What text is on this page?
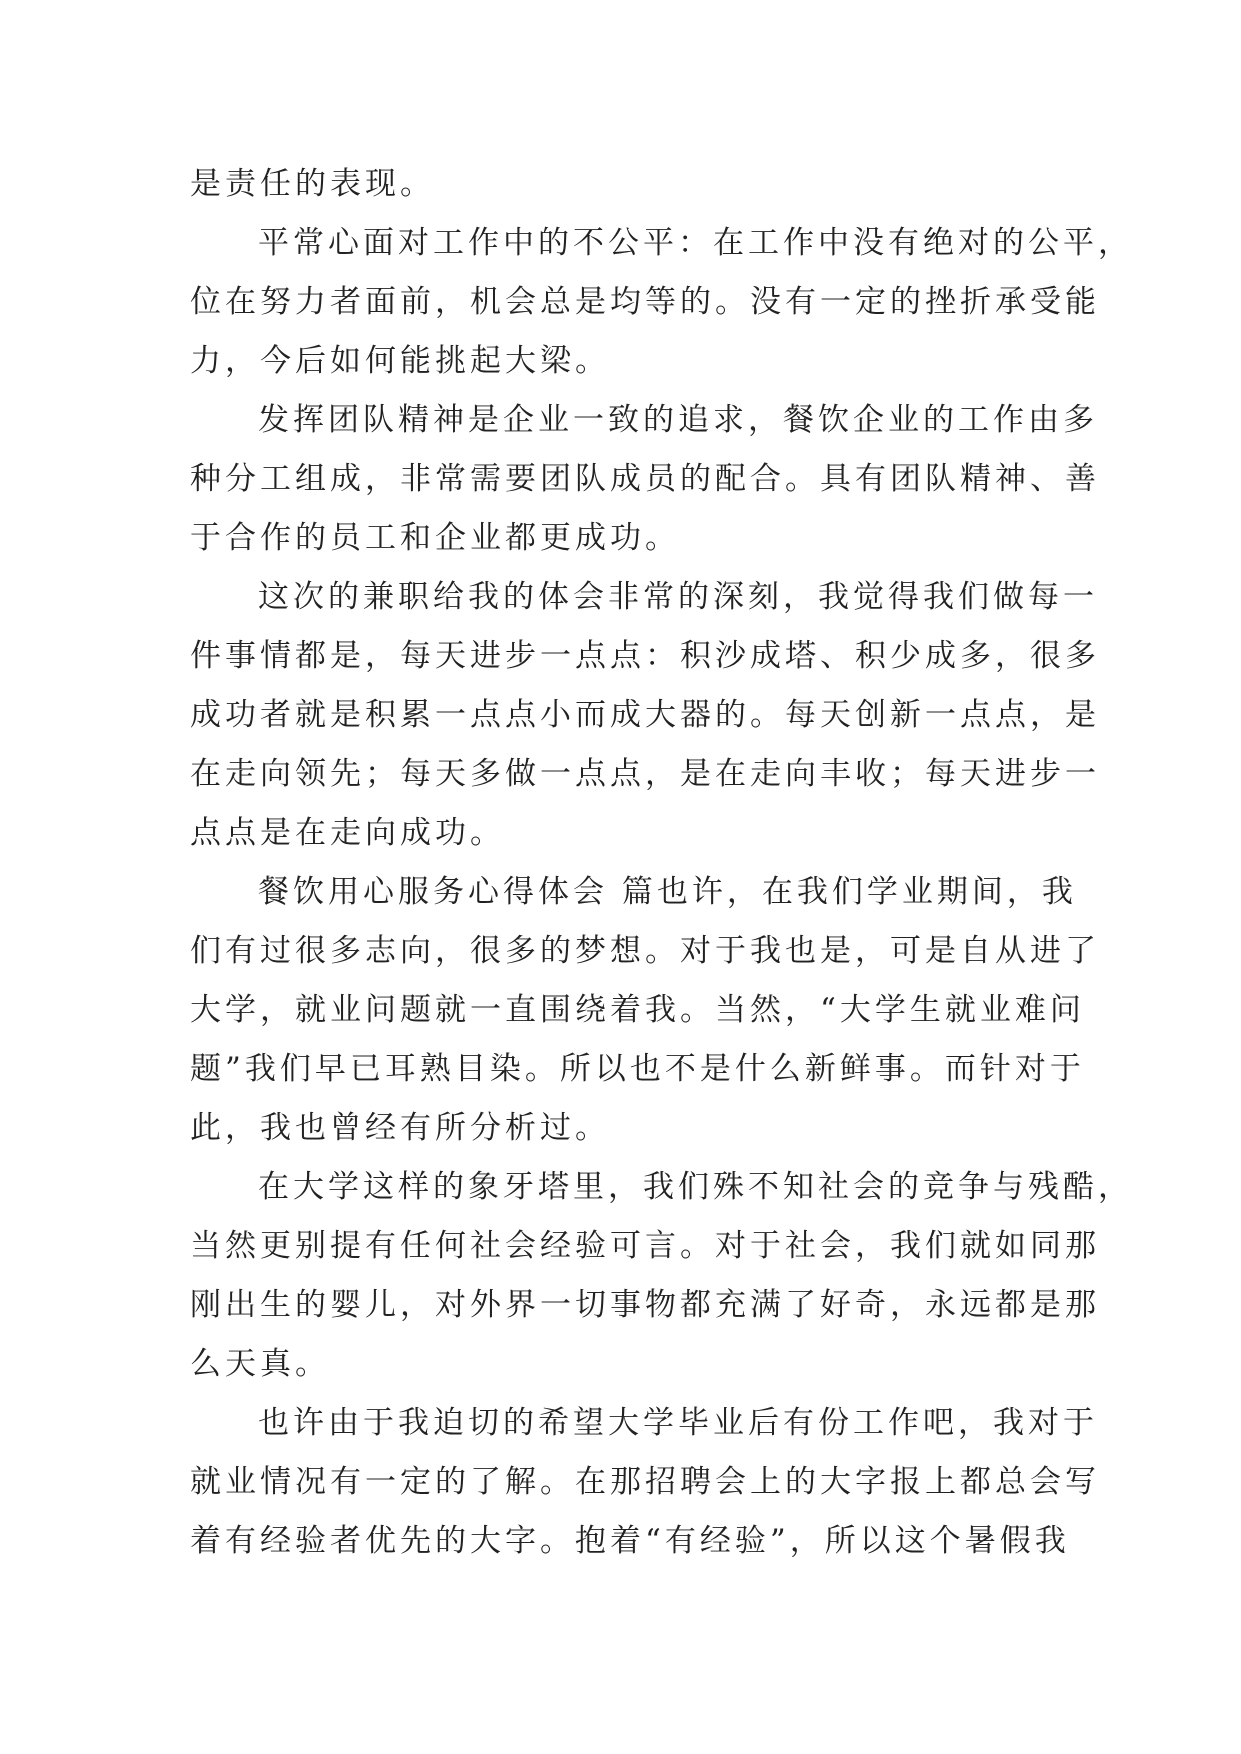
是责任的表现。
平常心面对工作中的不公平：在工作中没有绝对的公平，
位在努力者面前，机会总是均等的。没有一定的挫折承受能
力，今后如何能挑起大梁。
发挥团队精神是企业一致的追求，餐饮企业的工作由多
种分工组成，非常需要团队成员的配合。具有团队精神、善
于合作的员工和企业都更成功。
这次的兼职给我的体会非常的深刻，我觉得我们做每一
件事情都是，每天进步一点点：积沙成塔、积少成多，很多
成功者就是积累一点点小而成大器的。每天创新一点点，是
在走向领先；每天多做一点点，是在走向丰收；每天进步一
点点是在走向成功。
餐饮用心服务心得体会 篇也许，在我们学业期间，我
们有过很多志向，很多的梦想。对于我也是，可是自从进了
大学，就业问题就一直围绕着我。当然，“大学生就业难问
题”我们早已耳熟目染。所以也不是什么新鲜事。而针对于
此，我也曾经有所分析过。
在大学这样的象牙塔里，我们殊不知社会的竞争与残酷，
当然更别提有任何社会经验可言。对于社会，我们就如同那
刚出生的婴儿，对外界一切事物都充满了好奇，永远都是那
么天真。
也许由于我迫切的希望大学毕业后有份工作吧，我对于
就业情况有一定的了解。在那招聘会上的大字报上都总会写
着有经验者优先的大字。抱着“有经验”，所以这个暑假我
